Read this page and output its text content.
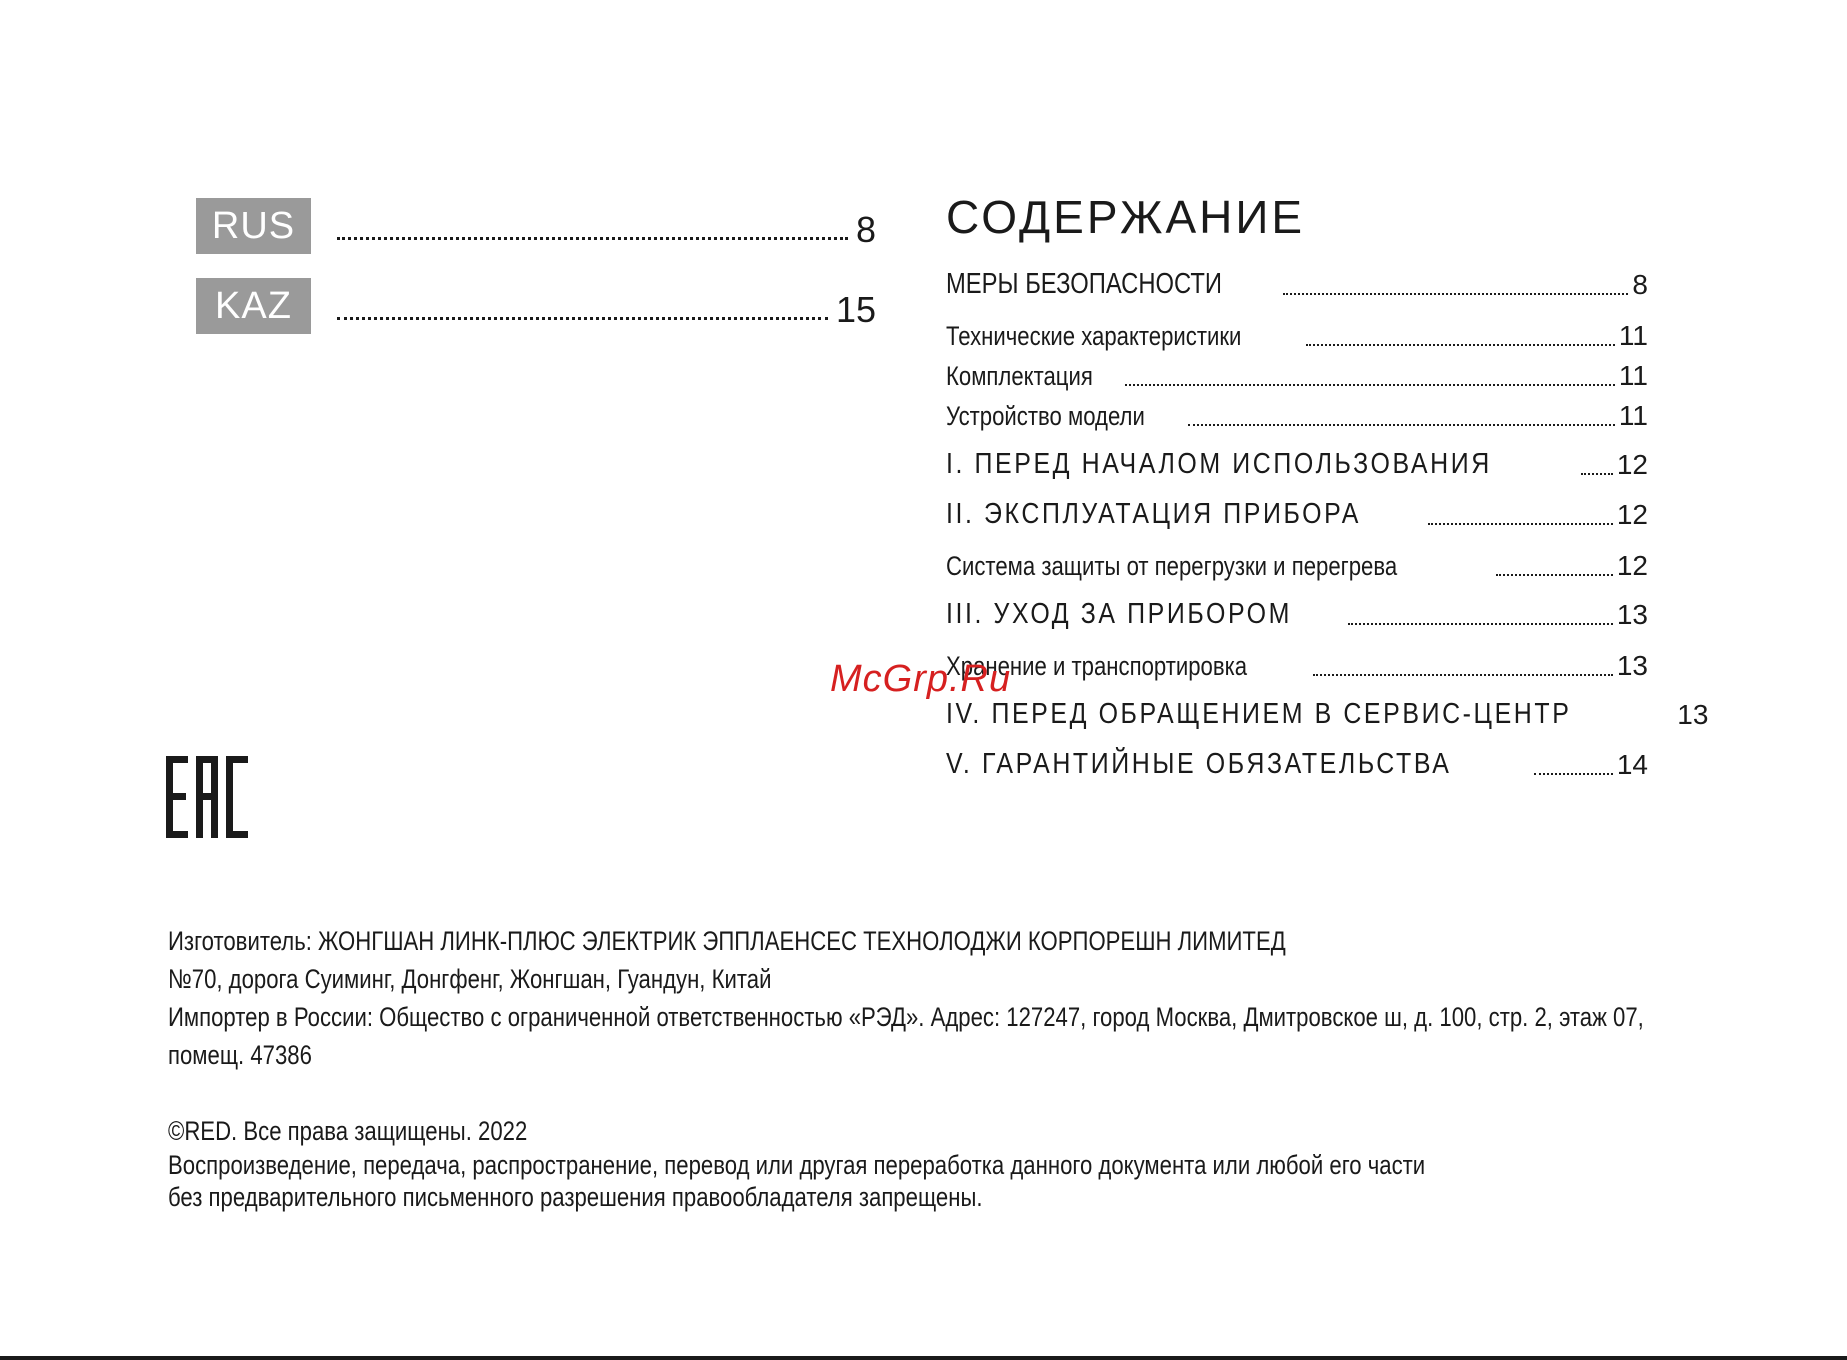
RUS	8
KAZ	15
СОДЕРЖАНИЕ
МЕРЫ БЕЗОПАСНОСТИ	8
Технические характеристики	11
Комплектация	11
Устройство модели	11
I. ПЕРЕД НАЧАЛОМ ИСПОЛЬЗОВАНИЯ	12
II. ЭКСПЛУАТАЦИЯ ПРИБОРА	12
Система защиты от перегрузки и перегрева	12
III. УХОД ЗА ПРИБОРОМ	13
Хранение и транспортировка	13
IV. ПЕРЕД ОБРАЩЕНИЕМ В СЕРВИС-ЦЕНТР	13
V. ГАРАНТИЙНЫЕ ОБЯЗАТЕЛЬСТВА	14
McGrp.Ru
Изготовитель: ЖОНГШАН ЛИНК-ПЛЮС ЭЛЕКТРИК ЭППЛАЕНСЕС ТЕХНОЛОДЖИ КОРПОРЕШН ЛИМИТЕД
№70, дорога Суиминг, Донгфенг, Жонгшан, Гуандун, Китай
Импортер в России: Общество с ограниченной ответственностью «РЭД». Адрес: 127247, город Москва, Дмитровское ш, д. 100, стр. 2, этаж 07,
помещ. 47386
©RED. Все права защищены. 2022
Воспроизведение, передача, распространение, перевод или другая переработка данного документа или любой его части
без предварительного письменного разрешения правообладателя запрещены.
